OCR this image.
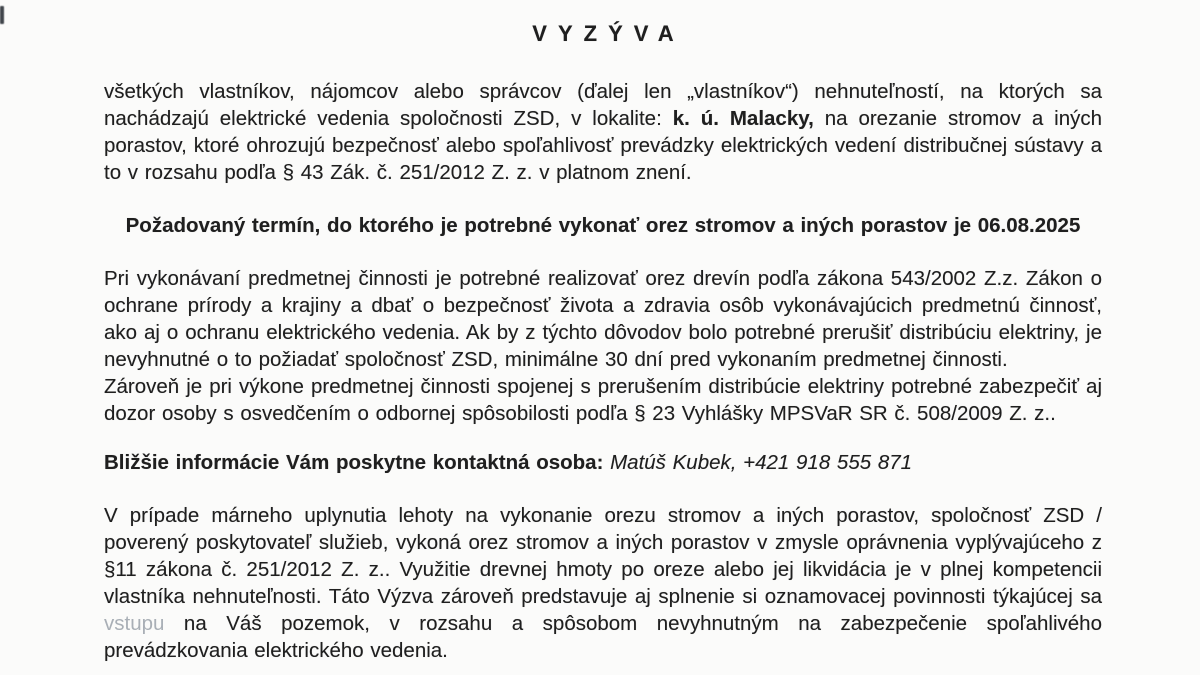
VYZÝVA

všetkých vlastníkov, nájomcov alebo správcov (ďalej len „vlastníkov“) nehnuteľností, na ktorých sa nachádzajú elektrické vedenia spoločnosti ZSD, v lokalite: k. ú. Malacky, na orezanie stromov a iných porastov, ktoré ohrozujú bezpečnosť alebo spoľahlivosť prevádzky elektrických vedení distribučnej sústavy a to v rozsahu podľa § 43 Zák. č. 251/2012 Z. z. v platnom znení.

Požadovaný termín, do ktorého je potrebné vykonať orez stromov a iných porastov je 06.08.2025

Pri vykonávaní predmetnej činnosti je potrebné realizovať orez drevín podľa zákona 543/2002 Z.z. Zákon o ochrane prírody a krajiny a dbať o bezpečnosť života a zdravia osôb vykonávajúcich predmetnú činnosť, ako aj o ochranu elektrického vedenia. Ak by z týchto dôvodov bolo potrebné prerušiť distribúciu elektriny, je nevyhnutné o to požiadať spoločnosť ZSD, minimálne 30 dní pred vykonaním predmetnej činnosti.

Zároveň je pri výkone predmetnej činnosti spojenej s prerušením distribúcie elektriny potrebné zabezpečiť aj dozor osoby s osvedčením o odbornej spôsobilosti podľa § 23 Vyhlášky MPSVaR SR č. 508/2009 Z. z..

Bližšie informácie Vám poskytne kontaktná osoba: Matúš Kubek, +421 918 555 871

V prípade márneho uplynutia lehoty na vykonanie orezu stromov a iných porastov, spoločnosť ZSD / poverený poskytovateľ služieb, vykoná orez stromov a iných porastov v zmysle oprávnenia vyplývajúceho z §11 zákona č. 251/2012 Z. z.. Využitie drevnej hmoty po oreze alebo jej likvidácia je v plnej kompetencii vlastníka nehnuteľnosti. Táto Výzva zároveň predstavuje aj splnenie si oznamovacej povinnosti týkajúcej sa vstupu na Váš pozemok, v rozsahu a spôsobom nevyhnutným na zabezpečenie spoľahlivého prevádzkovania elektrického vedenia.
